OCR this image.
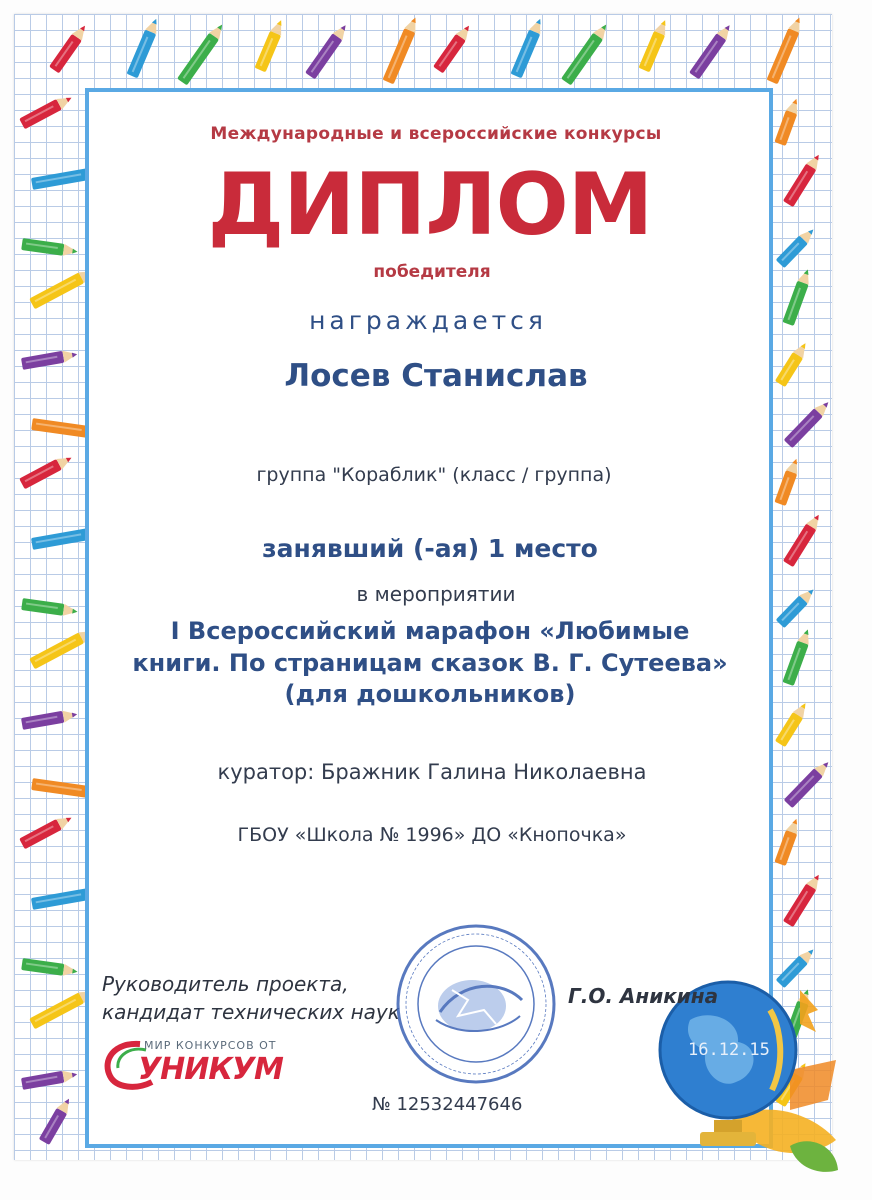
Международные и всероссийские конкурсы
ДИПЛОМ
победителя
награждается
Лосев Станислав
группа "Кораблик" (класс / группа)
занявший (-ая) 1 место
в мероприятии
I Всероссийский марафон «Любимые
книги. По страницам сказок В. Г. Сутеева»
(для дошкольников)
куратор: Бражник Галина Николаевна
ГБОУ «Школа № 1996» ДО «Кнопочка»
Руководитель проекта,
кандидат технических наук
16.12.15
Г.О. Аникина
МИР КОНКУРСОВ ОТ
УНИКУМ
№ 12532447646
